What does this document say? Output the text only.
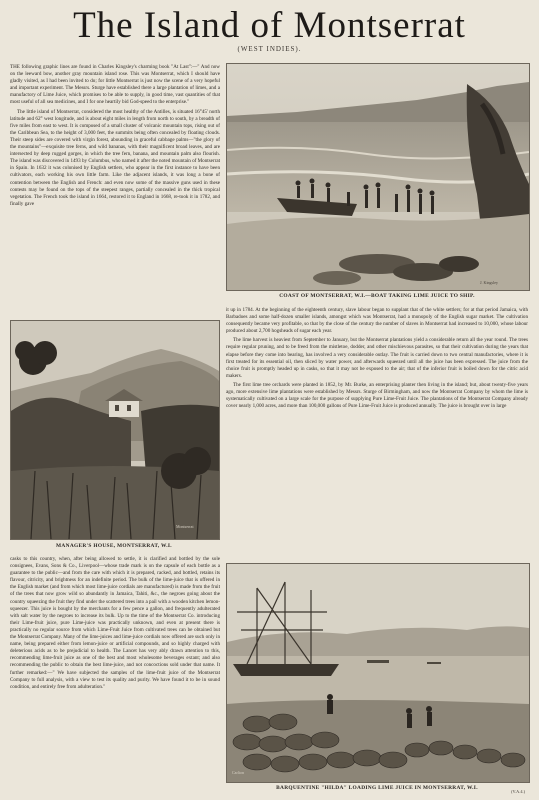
The Island of Montserrat
(WEST INDIES).

THE following graphic lines are found in Charles Kingsley's charming book "At Last":—" And now on the leeward bow, another gray mountain island rose. This was Montserrat, which I should have gladly visited, as I had been invited to do; for little Montserrat is just now the scene of a very hopeful and important experiment. The Messrs. Sturge have established there a large plantation of limes, and a manufactory of Lime Juice, which promises to be able to supply, in good time, vast quantities of that most useful of all sea medicines, and I for one heartily bid God-speed to the enterprise."

The little island of Montserrat, considered the most healthy of the Antilles, is situated 16°45' north latitude and 62° west longitude, and is about eight miles in length from north to south, by a breadth of five miles from east to west. It is composed of a small cluster of volcanic mountain tops, rising out of the Caribbean Sea, to the height of 3,000 feet, the summits being often concealed by floating clouds. Their steep sides are covered with virgin forest, abounding in graceful cabbage palms—"the glory of the mountains"—exquisite tree ferns, and wild bananas, with their magnificent broad leaves, and are intersected by deep rugged gorges, in which the tree fern, banana, and mountain palm also flourish. The island was discovered in 1493 by Columbus, who named it after the noted mountain of Montserrat in Spain. In 1632 it was colonised by English settlers, who appear in the first instance to have been cultivators, each working his own little farm. Like the adjacent islands, it was long a bone of contention between the English and French: and even now some of the massive guns used in these contests may be found on the tops of the steepest ranges, partially concealed in the thick tropical vegetation. The French took the island in 1664, restored it to England in 1668, re-took it in 1782, and finally gave

J. Kingsley
COAST OF MONTSERRAT, W.I.—BOAT TAKING LIME JUICE TO SHIP.
Montserrat
MANAGER'S HOUSE, MONTSERRAT, W.I.

it up in 1784. At the beginning of the eighteenth century, slave labour began to supplant that of the white settlers; for at that period Jamaica, with Barbadoes and some half-dozen smaller islands, amongst which was Montserrat, had a monopoly of the English sugar market. The cultivation consequently became very profitable, so that by the close of the century the number of slaves in Montserrat had increased to 10,000, whose labour produced about 2,700 hogsheads of sugar each year.

The lime harvest is heaviest from September to January, but the Montserrat plantations yield a considerable return all the year round. The trees require regular pruning, and to be freed from the mistletoe, dodder, and other mischievous parasites, so that their cultivation during the years that elapse before they come into bearing, has involved a very considerable outlay. The fruit is carried down to two central manufactories, where it is first treated for its essential oil, then sliced by water power, and afterwards squeezed until all the juice has been expressed. The juice from the choice fruit is promptly headed up in casks, so that it may not be exposed to the air; that of the inferior fruit is boiled down for the citric acid makers.

The first lime tree orchards were planted in 1852, by Mr. Burke, an enterprising planter then living in the island; but, about twenty-five years ago, more extensive lime plantations were established by Messrs. Sturge of Birmingham, and now the Montserrat Company by whom the lime is systematically cultivated on a large scale for the purpose of supplying Pure Lime-Fruit Juice. The plantations of the Montserrat Company already cover nearly 1,000 acres, and more than 100,000 gallons of Pure Lime-Fruit Juice is produced annually. The juice is brought over in large

casks to this country, when, after being allowed to settle, it is clarified and bottled by the sole consignees, Evans, Sons & Co., Liverpool—whose trade mark is on the capsule of each bottle as a guarantee to the public—and from the care with which it is prepared, racked, and bottled, retains its flavour, citricity, and brightness for an indefinite period. The bulk of the lime-juice that is offered in the English market (and from which most lime-juice cordials are manufactured) is made from the fruit of the trees that now grow wild so abundantly in Jamaica, Tahiti, &c., the negroes going about the country squeezing the fruit they find under the scattered trees into a pail with a wooden kitchen lemon-squeezer. This juice is bought by the merchants for a few pence a gallon, and frequently adulterated with salt water by the negroes to increase its bulk. Up to the time of the Montserrat Co. introducing their Lime-fruit juice, pure Lime-juice was practically unknown, and even at present there is practically no regular source from which Lime-Fruit Juice from cultivated trees can be obtained but the Montserrat Company. Many of the lime-juices and lime-juice cordials now offered are such only in name, being prepared either from lemon-juice or artificial compounds, and so highly charged with deleterious acids as to be prejudicial to health. The Lancet has very ably drawn attention to this, recommending lime-fruit juice as one of the best and most wholesome beverages extant; and also recommending the public to obtain the best lime-juice, and not concoctions sold under that name. It further remarked:—" We have subjected the samples of the lime-fruit juice of the Montserrat Company to full analysis, with a view to test its quality and purity. We have found it to be in sound condition, and entirely free from adulteration."

Carlton
BARQUENTINE "HILDA" LOADING LIME JUICE IN MONTSERRAT, W.I.
(V.A.4.)
